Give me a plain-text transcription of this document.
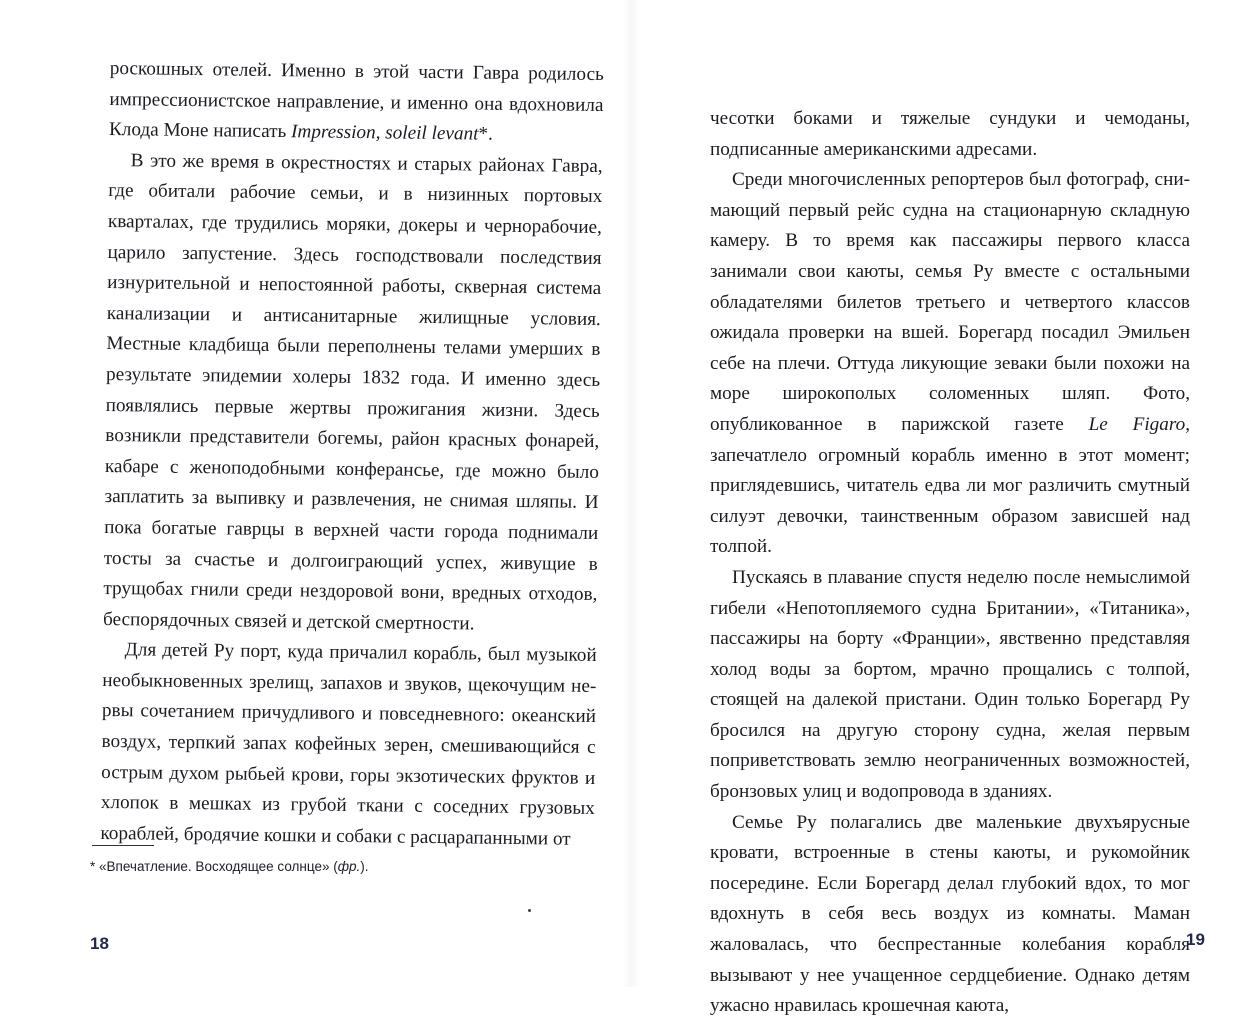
роскошных отелей. Именно в этой части Гавра родилось импрессионистское направление, и именно она вдохновила Клода Моне написать Impression, soleil levant*.

В это же время в окрестностях и старых районах Гавра, где обитали рабочие семьи, и в низинных портовых кварталах, где трудились моряки, докеры и чернорабочие, царило запустение. Здесь господствовали последствия изнурительной и непостоянной работы, скверная система канализации и антисанитарные жилищные условия. Местные кладбища были переполнены телами умерших в результате эпидемии холеры 1832 года. И именно здесь появлялись первые жертвы прожигания жизни. Здесь возникли представители богемы, район красных фонарей, кабаре с женоподобными конферансье, где можно было заплатить за выпивку и развлечения, не снимая шляпы. И пока богатые гаврцы в верхней части города поднимали тосты за счастье и долгоиграющий успех, живущие в трущобах гнили среди нездоровой вони, вредных отходов, беспорядочных связей и детской смертности.

Для детей Ру порт, куда причалил корабль, был музыкой необыкновенных зрелищ, запахов и звуков, щекочущим нервы сочетанием причудливого и повседневного: океанский воздух, терпкий запах кофейных зерен, смешивающийся с острым духом рыбьей крови, горы экзотических фруктов и хлопок в мешках из грубой ткани с соседних грузовых кораблей, бродячие кошки и собаки с расцарапанными от

* «Впечатление. Восходящее солнце» (фр.).
18

чесотки боками и тяжелые сундуки и чемоданы, подписанные американскими адресами.

Среди многочисленных репортеров был фотограф, снимающий первый рейс судна на стационарную складную камеру. В то время как пассажиры первого класса занимали свои каюты, семья Ру вместе с остальными обладателями билетов третьего и четвертого классов ожидала проверки на вшей. Борегард посадил Эмильен себе на плечи. Оттуда ликующие зеваки были похожи на море широкополых соломенных шляп. Фото, опубликованное в парижской газете Le Figaro, запечатлело огромный корабль именно в этот момент; приглядевшись, читатель едва ли мог различить смутный силуэт девочки, таинственным образом зависшей над толпой.

Пускаясь в плавание спустя неделю после немыслимой гибели «Непотопляемого судна Британии», «Титаника», пассажиры на борту «Франции», явственно представляя холод воды за бортом, мрачно прощались с толпой, стоящей на далекой пристани. Один только Борегард Ру бросился на другую сторону судна, желая первым поприветствовать землю неограниченных возможностей, бронзовых улиц и водопровода в зданиях.

Семье Ру полагались две маленькие двухъярусные кровати, встроенные в стены каюты, и рукомойник посередине. Если Борегард делал глубокий вдох, то мог вдохнуть в себя весь воздух из комнаты. Маман жаловалась, что беспрестанные колебания корабля вызывают у нее учащенное сердцебиение. Однако детям ужасно нравилась крошечная каюта,

19
